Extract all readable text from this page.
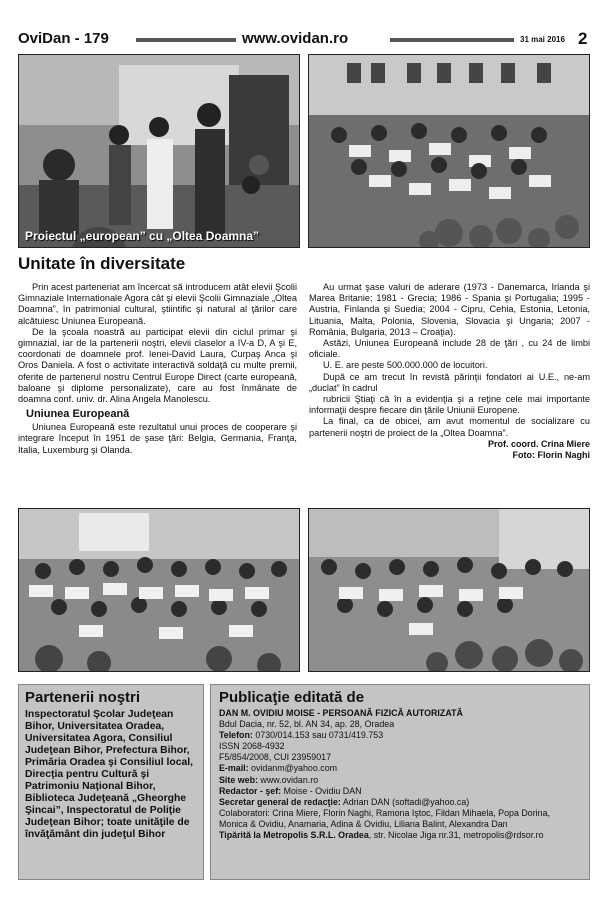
OviDan - 179	www.ovidan.ro	31 mai 2016 2
Proiectul „european” cu „Oltea Doamna”
Unitate în diversitate

Prin acest parteneriat am încercat să introducem atât elevii Şcolii Gimnaziale Internationale Agora cât şi elevii Şcolii Gimnaziale „Oltea Doamna”, în patrimonial cultural, ştiintific şi natural al ţărilor care alcătuiesc Uniunea Europeană.

De la şcoala noastră au participat elevii din ciclul primar şi gimnazial, iar de la partenerii noştri, elevii claselor a IV-a D, A şi E, coordonati de doamnele prof. Ienei-David Laura, Curpaş Anca şi Oros Daniela. A fost o activitate interactivă soldaţă cu multe premii, oferite de partenerul nostru Centrul Europe Direct (carte europeană, baloane şi diplome personalizate), care au fost înmânate de doamna conf. univ. dr. Alina Angela Manolescu.

Uniunea Europeană

Uniunea Europeană este rezultatul unui proces de cooperare şi integrare început în 1951 de şase ţări: Belgia, Germania, Franţa, Italia, Luxemburg şi Olanda.

Au urmat şase valuri de aderare (1973 - Danemarca, Irlanda şi Marea Britanie; 1981 - Grecia; 1986 - Spania şi Portugalia; 1995 - Austria, Finlanda şi Suedia; 2004 - Cipru, Cehia, Estonia, Letonia, Lituania, Malta, Polonia, Slovenia, Slovacia şi Ungaria; 2007 - România, Bulgaria, 2013 – Croaţia).

Astăzi, Uniunea Europeană include 28 de ţări , cu 24 de limbi oficiale.

U. E. are peste 500.000.000 de locuitori.

După ce am trecut în revistă părinţii fondatori ai U.E., ne-am „duclat” în cadrul

rubricii Ştiaţi că în a evidenţia şi a reţine cele mai importante informaţii despre fiecare din ţările Uniunii Europene.

La final, ca de obicei, am avut momentul de socializare cu partenerii noştri de proiect de la „Oltea Doamna”.

Prof. coord. Crina Miere
Foto: Florin Naghi
Partenerii noştri
Inspectoratul Şcolar Judeţean Bihor, Universitatea Oradea, Universitatea Agora, Consiliul Judeţean Bihor, Prefectura Bihor, Primăria Oradea şi Consiliul local, Direcţia pentru Cultură şi Patrimoniu Naţional Bihor, Biblioteca Judeţeană „Gheorghe Şincai”, Inspectoratul de Poliţie Judeţean Bihor; toate unităţile de învăţământ din judeţul Bihor
Publicaţie editată de
DAN M. OVIDIU MOISE - PERSOANĂ FIZICĂ AUTORIZATĂ
Bdul Dacia, nr. 52, bl. AN 34, ap. 28, Oradea
Telefon: 0730/014.153 sau 0731/419.753
ISSN 2068-4932
F5/854/2008, CUI 23959017
E-mail: ovidanm@yahoo.com
Site web: www.ovidan.ro
Redactor - şef: Moise - Ovidiu DAN
Secretar general de redacţie: Adrian DAN (softadi@yahoo.ca)
Colaboratori: Crina Miere, Florin Naghi, Ramona Iştoc, Fildan Mihaela, Popa Dorina, Monica & Ovidiu, Anamaria, Adina & Ovidiu, Liliana Balint, Alexandra Dan
Tipărită la Metropolis S.R.L. Oradea, str. Nicolae Jiga nr.31, metropolis@rdsor.ro
